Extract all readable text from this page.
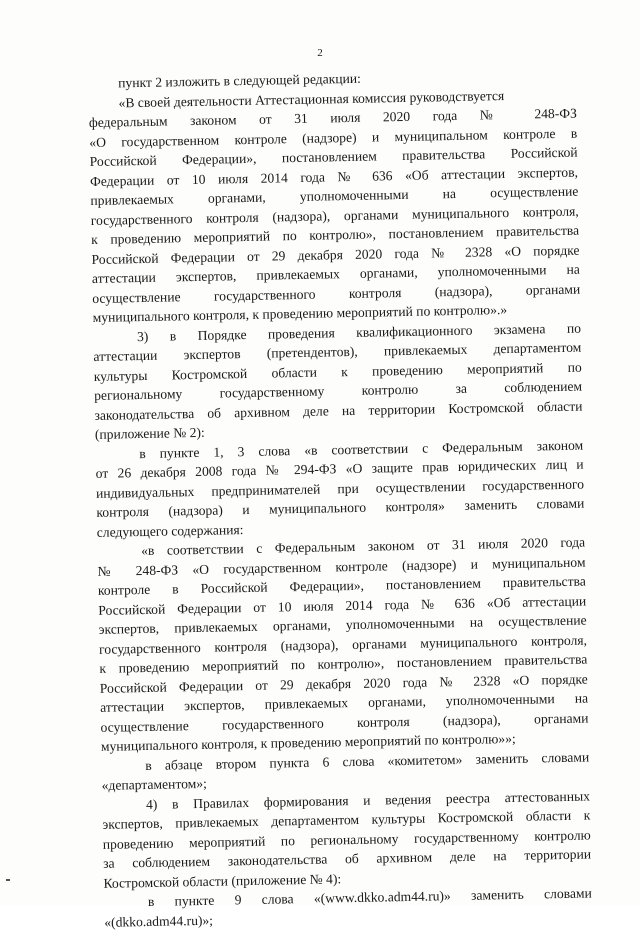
2
пункт 2 изложить в следующей редакции:
«В своей деятельности Аттестационная комиссия руководствуется
федеральным законом от 31 июля 2020 года № 248-ФЗ
«О государственном контроле (надзоре) и муниципальном контроле в
Российской Федерации», постановлением правительства Российской
Федерации от 10 июля 2014 года № 636 «Об аттестации экспертов,
привлекаемых органами, уполномоченными на осуществление
государственного контроля (надзора), органами муниципального контроля,
к проведению мероприятий по контролю», постановлением правительства
Российской Федерации от 29 декабря 2020 года № 2328 «О порядке
аттестации экспертов, привлекаемых органами, уполномоченными на
осуществление государственного контроля (надзора), органами
муниципального контроля, к проведению мероприятий по контролю».»
3) в Порядке проведения квалификационного экзамена по
аттестации экспертов (претендентов), привлекаемых департаментом
культуры Костромской области к проведению мероприятий по
региональному государственному контролю за соблюдением
законодательства об архивном деле на территории Костромской области
(приложение № 2):
в пункте 1, 3 слова «в соответствии с Федеральным законом
от 26 декабря 2008 года № 294-ФЗ «О защите прав юридических лиц и
индивидуальных предпринимателей при осуществлении государственного
контроля (надзора) и муниципального контроля» заменить словами
следующего содержания:
«в соответствии с Федеральным законом от 31 июля 2020 года
№ 248-ФЗ «О государственном контроле (надзоре) и муниципальном
контроле в Российской Федерации», постановлением правительства
Российской Федерации от 10 июля 2014 года № 636 «Об аттестации
экспертов, привлекаемых органами, уполномоченными на осуществление
государственного контроля (надзора), органами муниципального контроля,
к проведению мероприятий по контролю», постановлением правительства
Российской Федерации от 29 декабря 2020 года № 2328 «О порядке
аттестации экспертов, привлекаемых органами, уполномоченными на
осуществление государственного контроля (надзора), органами
муниципального контроля, к проведению мероприятий по контролю»»;
в абзаце втором пункта 6 слова «комитетом» заменить словами
«департаментом»;
4) в Правилах формирования и ведения реестра аттестованных
экспертов, привлекаемых департаментом культуры Костромской области к
проведению мероприятий по региональному государственному контролю
за соблюдением законодательства об архивном деле на территории
Костромской области (приложение № 4):
в пункте 9 слова «(www.dkko.adm44.ru)» заменить словами
«(dkko.adm44.ru)»;
